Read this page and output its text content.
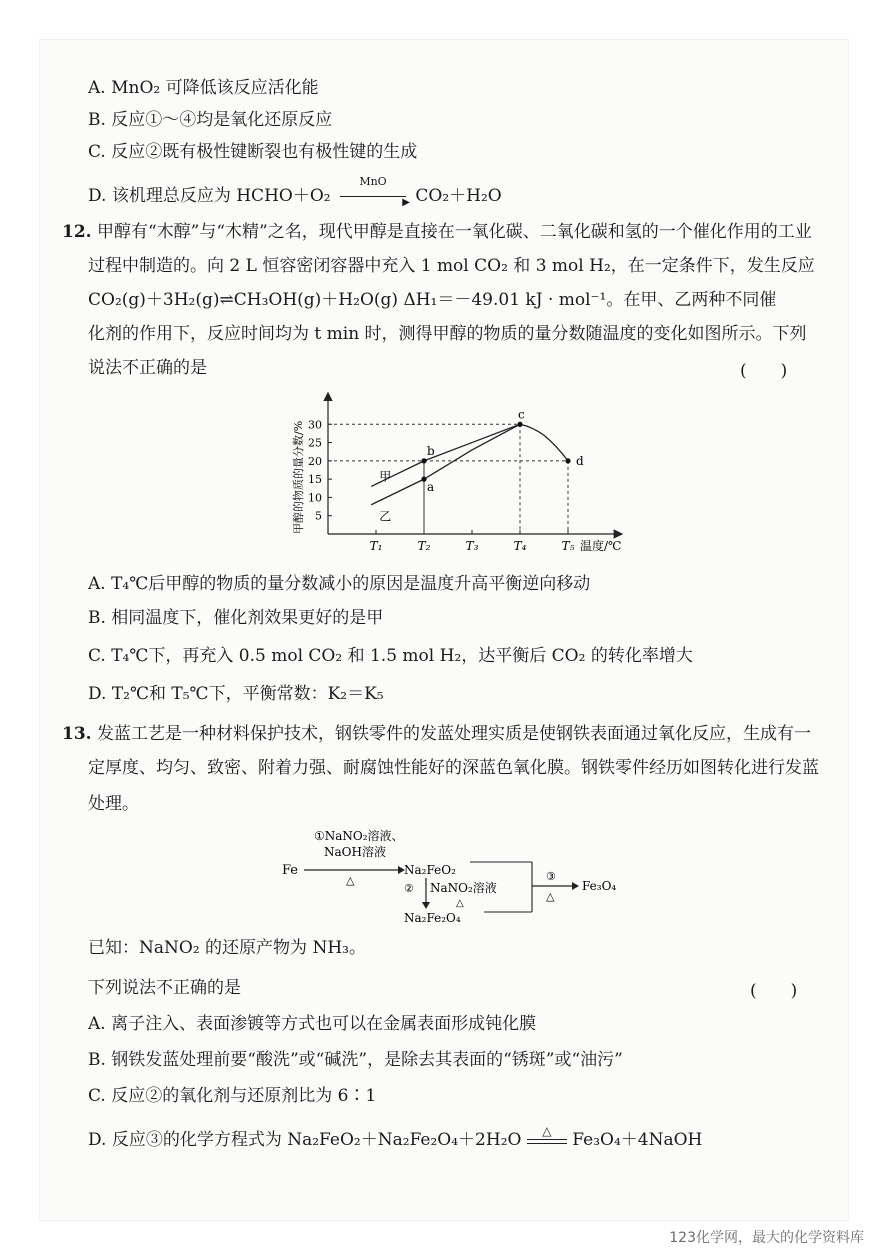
A. MnO₂ 可降低该反应活化能
B. 反应①～④均是氧化还原反应
C. 反应②既有极性键断裂也有极性键的生成
D. 该机理总反应为 HCHO＋O₂
MnO
▶ CO₂＋H₂O
12. 甲醇有“木醇”与“木精”之名，现代甲醇是直接在一氧化碳、二氧化碳和氢的一个催化作用的工业
过程中制造的。向 2 L 恒容密闭容器中充入 1 mol CO₂ 和 3 mol H₂，在一定条件下，发生反应
CO₂(g)＋3H₂(g)⇌CH₃OH(g)＋H₂O(g) ΔH₁＝－49.01 kJ · mol⁻¹。在甲、乙两种不同催
化剂的作用下，反应时间均为 t min 时，测得甲醇的物质的量分数随温度的变化如图所示。下列
说法不正确的是	(　　)
5
10
15
20
25
30
T₁	T₂	T₃	T₄	T₅ 温度/℃
甲醇的物质的量分数/%	甲
乙
a
b
c
d
A. T₄℃后甲醇的物质的量分数减小的原因是温度升高平衡逆向移动
B. 相同温度下，催化剂效果更好的是甲
C. T₄℃下，再充入 0.5 mol CO₂ 和 1.5 mol H₂，达平衡后 CO₂ 的转化率增大
D. T₂℃和 T₅℃下，平衡常数：K₂＝K₅
13. 发蓝工艺是一种材料保护技术，钢铁零件的发蓝处理实质是使钢铁表面通过氧化反应，生成有一
定厚度、均匀、致密、附着力强、耐腐蚀性能好的深蓝色氧化膜。钢铁零件经历如图转化进行发蓝
处理。
Fe
①NaNO₂溶液、
NaOH溶液
△
Na₂FeO₂	③
△
Fe₃O₄
② NaNO₂溶液
△
Na₂Fe₂O₄
已知：NaNO₂ 的还原产物为 NH₃。
下列说法不正确的是	(　　)
A. 离子注入、表面渗镀等方式也可以在金属表面形成钝化膜
B. 钢铁发蓝处理前要“酸洗”或“碱洗”，是除去其表面的“锈斑”或“油污”
C. 反应②的氧化剂与还原剂比为 6∶1
D. 反应③的化学方程式为 Na₂FeO₂＋Na₂Fe₂O₄＋2H₂O	△	Fe₃O₄＋4NaOH
123化学网，最大的化学资料库
